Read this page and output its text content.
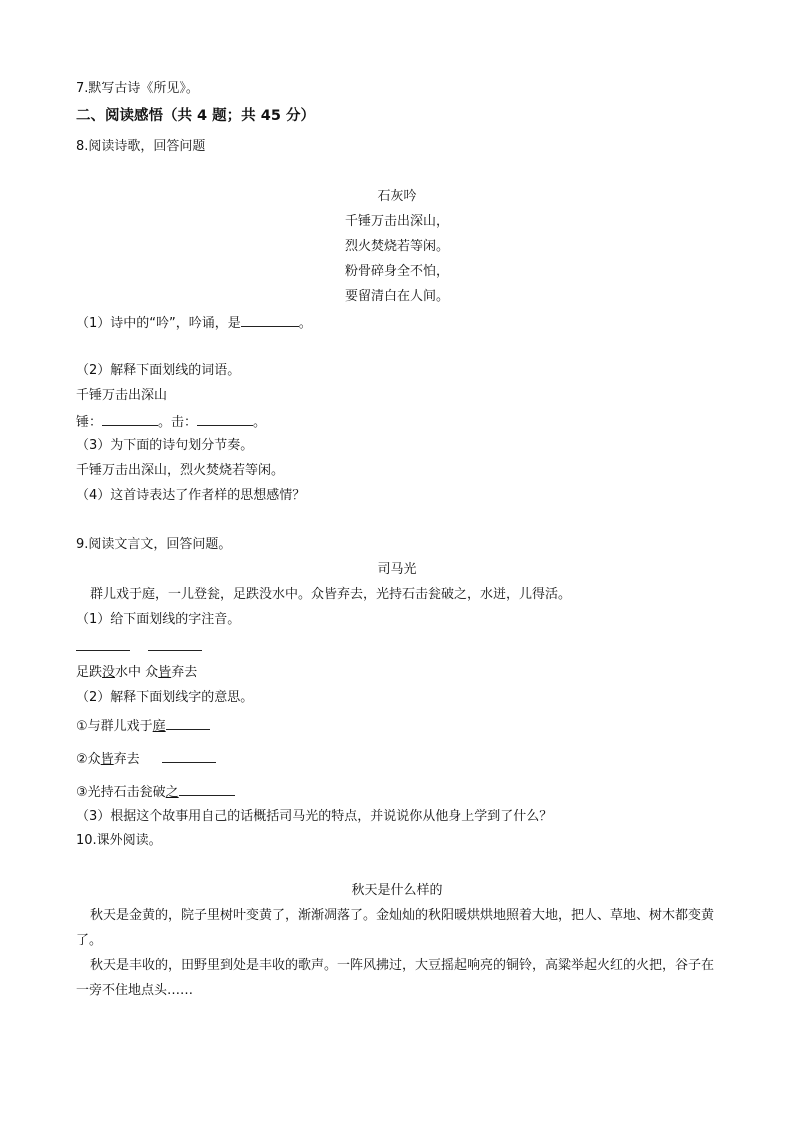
7.默写古诗《所见》。
二、阅读感悟（共 4 题；共 45 分）
8.阅读诗歌，回答问题
石灰吟
千锤万击出深山，
烈火焚烧若等闲。
粉骨碎身全不怕，
要留清白在人间。
（1）诗中的“吟”，吟诵，是	。
（2）解释下面划线的词语。
千锤万击出深山
锤：	。击：	。
（3）为下面的诗句划分节奏。
千锤万击出深山，烈火焚烧若等闲。
（4）这首诗表达了作者样的思想感情？
9.阅读文言文，回答问题。
司马光
群儿戏于庭，一儿登瓮，足跌没水中。众皆弃去，光持石击瓮破之，水迸，儿得活。
（1）给下面划线的字注音。
足跌没水中 众皆弃去
（2）解释下面划线字的意思。
①与群儿戏于庭
②众皆弃去
③光持石击瓮破之
（3）根据这个故事用自己的话概括司马光的特点，并说说你从他身上学到了什么？
10.课外阅读。
秋天是什么样的
秋天是金黄的，院子里树叶变黄了，渐渐凋落了。金灿灿的秋阳暖烘烘地照着大地，把人、草地、树木都变黄了。
秋天是丰收的，田野里到处是丰收的歌声。一阵风拂过，大豆摇起响亮的铜铃，高粱举起火红的火把，谷子在一旁不住地点头……
